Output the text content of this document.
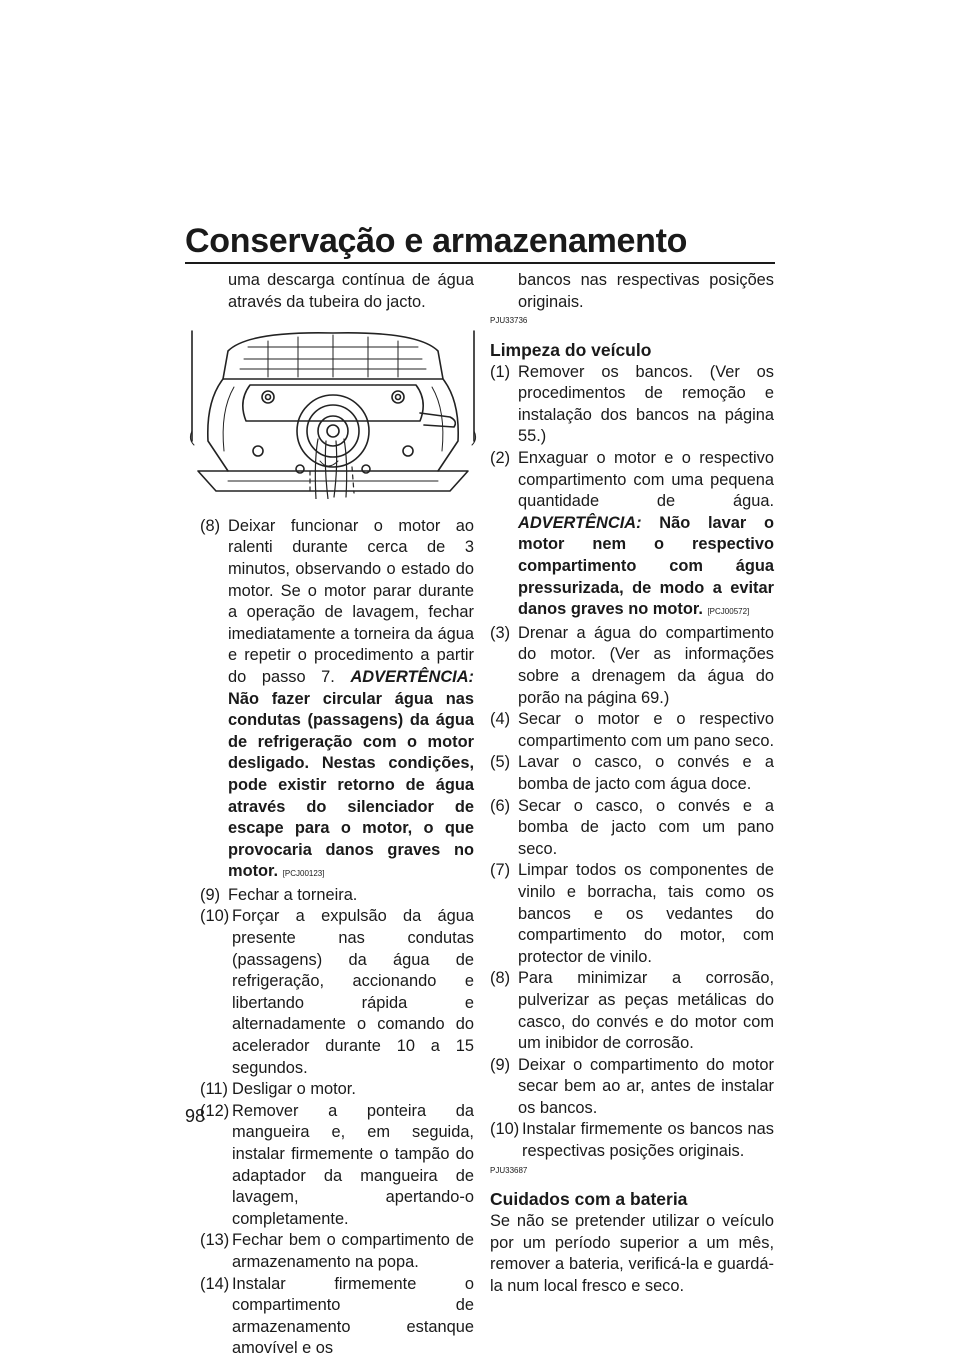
Conservação e armazenamento

uma descarga contínua de água através da tubeira do jacto.

(8) Deixar funcionar o motor ao ralenti durante cerca de 3 minutos, observando o estado do motor. Se o motor parar durante a operação de lavagem, fechar imediatamente a torneira da água e repetir o procedimento a partir do passo 7. ADVERTÊNCIA: Não fazer circular água nas condutas (passagens) da água de refrigeração com o motor desligado. Nestas condições, pode existir retorno de água através do silenciador de escape para o motor, o que provocaria danos graves no motor. [PCJ00123]
(9) Fechar a torneira.
(10) Forçar a expulsão da água presente nas condutas (passagens) da água de refrigeração, accionando e libertando rápida e alternadamente o comando do acelerador durante 10 a 15 segundos.
(11) Desligar o motor.
(12) Remover a ponteira da mangueira e, em seguida, instalar firmemente o tampão do adaptador da mangueira de lavagem, apertando-o completamente.
(13) Fechar bem o compartimento de armazenamento na popa.
(14) Instalar firmemente o compartimento de armazenamento estanque amovível e os

bancos nas respectivas posições originais.

PJU33736
Limpeza do veículo
(1) Remover os bancos. (Ver os procedimentos de remoção e instalação dos bancos na página 55.)
(2) Enxaguar o motor e o respectivo compartimento com uma pequena quantidade de água. ADVERTÊNCIA: Não lavar o motor nem o respectivo compartimento com água pressurizada, de modo a evitar danos graves no motor. [PCJ00572]
(3) Drenar a água do compartimento do motor. (Ver as informações sobre a drenagem da água do porão na página 69.)
(4) Secar o motor e o respectivo compartimento com um pano seco.
(5) Lavar o casco, o convés e a bomba de jacto com água doce.
(6) Secar o casco, o convés e a bomba de jacto com um pano seco.
(7) Limpar todos os componentes de vinilo e borracha, tais como os bancos e os vedantes do compartimento do motor, com protector de vinilo.
(8) Para minimizar a corrosão, pulverizar as peças metálicas do casco, do convés e do motor com um inibidor de corrosão.
(9) Deixar o compartimento do motor secar bem ao ar, antes de instalar os bancos.
(10) Instalar firmemente os bancos nas respectivas posições originais.
PJU33687
Cuidados com a bateria

Se não se pretender utilizar o veículo por um período superior a um mês, remover a bateria, verificá-la e guardá-la num local fresco e seco.

98
